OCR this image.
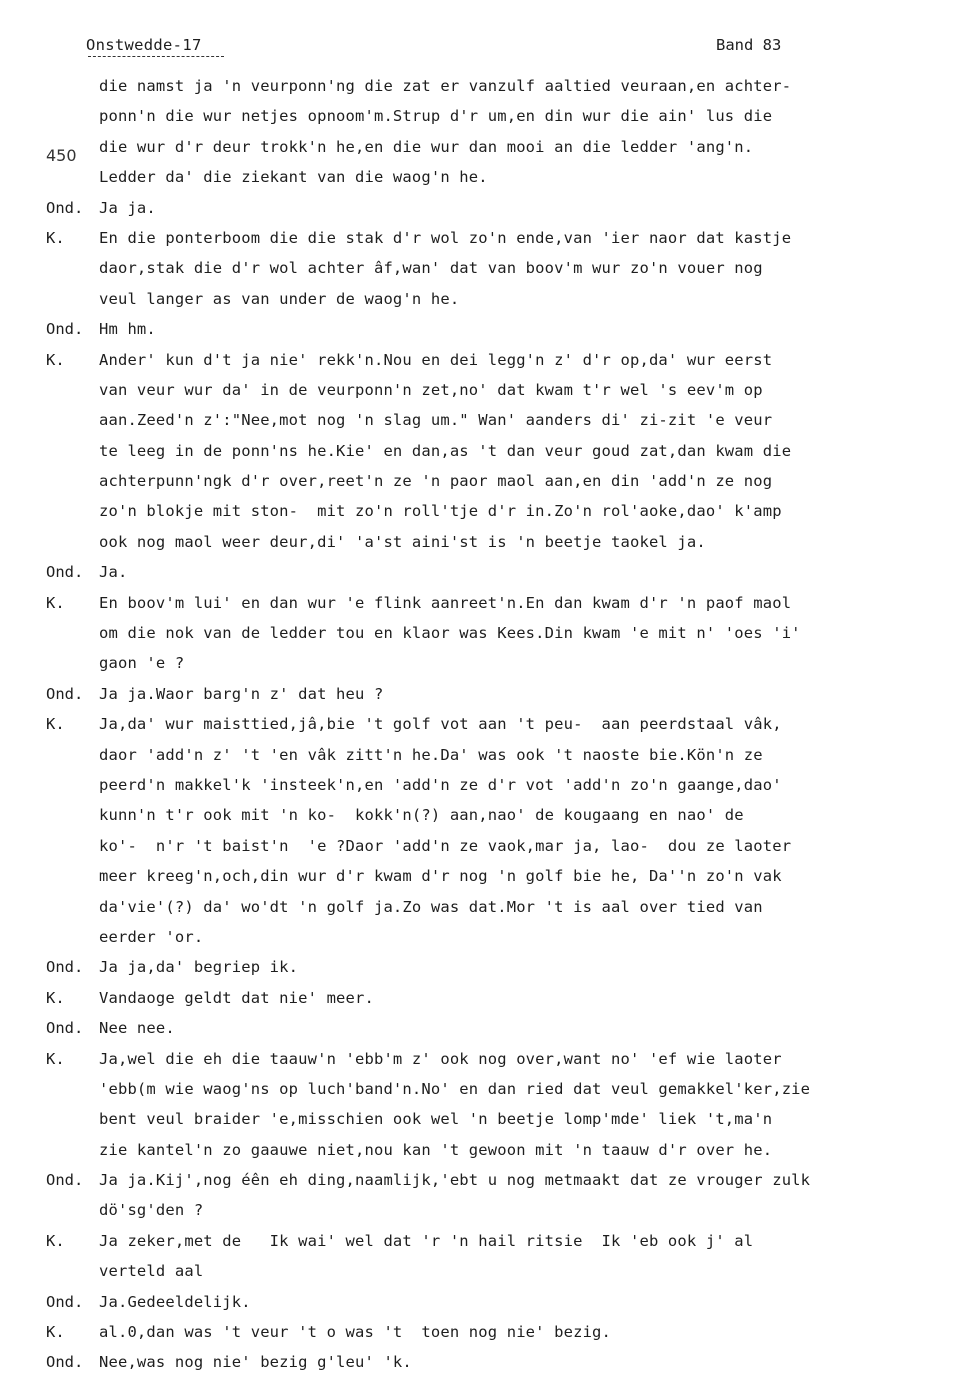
Onstwedde-17	Band 83
450
die namst ja 'n veurponn'ng die zat er vanzulf aaltied veuraan,en achter-
ponn'n die wur netjes opnoom'm.Strup d'r um,en din wur die ain' lus die
die wur d'r deur trokk'n he,en die wur dan mooi an die ledder 'ang'n.
Ledder da' die ziekant van die waog'n he.
Ond. Ja ja.
K. En die ponterboom die die stak d'r wol zo'n ende,van 'ier naor dat kastje
daor,stak die d'r wol achter âf,wan' dat van boov'm wur zo'n vouer nog
veul langer as van under de waog'n he.
Ond. Hm hm.
K. Ander' kun d't ja nie' rekk'n.Nou en dei legg'n z' d'r op,da' wur eerst
van veur wur da' in de veurponn'n zet,no' dat kwam t'r wel 's eev'm op
aan.Zeed'n z':"Nee,mot nog 'n slag um." Wan' aanders di' zi-zit 'e veur
te leeg in de ponn'ns he.Kie' en dan,as 't dan veur goud zat,dan kwam die
achterpunn'ngk d'r over,reet'n ze 'n paor maol aan,en din 'add'n ze nog
zo'n blokje mit ston-  mit zo'n roll'tje d'r in.Zo'n rol'aoke,dao' k'amp
ook nog maol weer deur,di' 'a'st aini'st is 'n beetje taokel ja.
Ond. Ja.
K. En boov'm lui' en dan wur 'e flink aanreet'n.En dan kwam d'r 'n paof maol
om die nok van de ledder tou en klaor was Kees.Din kwam 'e mit n' 'oes 'i'
gaon 'e ?
Ond. Ja ja.Waor barg'n z' dat heu ?
K. Ja,da' wur maisttied,jâ,bie 't golf vot aan 't peu-  aan peerdstaal vâk,
daor 'add'n z' 't 'en vâk zitt'n he.Da' was ook 't naoste bie.Kön'n ze
peerd'n makkel'k 'insteek'n,en 'add'n ze d'r vot 'add'n zo'n gaange,dao'
kunn'n t'r ook mit 'n ko-  kokk'n(?) aan,nao' de kougaang en nao' de
ko'-  n'r 't baist'n  'e ?Daor 'add'n ze vaok,mar ja, lao-  dou ze laoter
meer kreeg'n,och,din wur d'r kwam d'r nog 'n golf bie he, Da''n zo'n vak
da'vie'(?) da' wo'dt 'n golf ja.Zo was dat.Mor 't is aal over tied van
eerder 'or.
Ond. Ja ja,da' begriep ik.
K. Vandaoge geldt dat nie' meer.
Ond. Nee nee.
K. Ja,wel die eh die taauw'n 'ebb'm z' ook nog over,want no' 'ef wie laoter
'ebb(m wie waog'ns op luch'band'n.No' en dan ried dat veul gemakkel'ker,zie
bent veul braider 'e,misschien ook wel 'n beetje lomp'mde' liek 't,ma'n
zie kantel'n zo gaauwe niet,nou kan 't gewoon mit 'n taauw d'r over he.
Ond. Ja ja.Kij',nog éên eh ding,naamlijk,'ebt u nog metmaakt dat ze vrouger zulk
dö'sg'den ?
K. Ja zeker,met de   Ik wai' wel dat 'r 'n hail ritsie  Ik 'eb ook j' al
verteld aal
Ond. Ja.Gedeeldelijk.
K. al.0,dan was 't veur 't o was 't  toen nog nie' bezig.
Ond. Nee,was nog nie' bezig g'leu' 'k.
